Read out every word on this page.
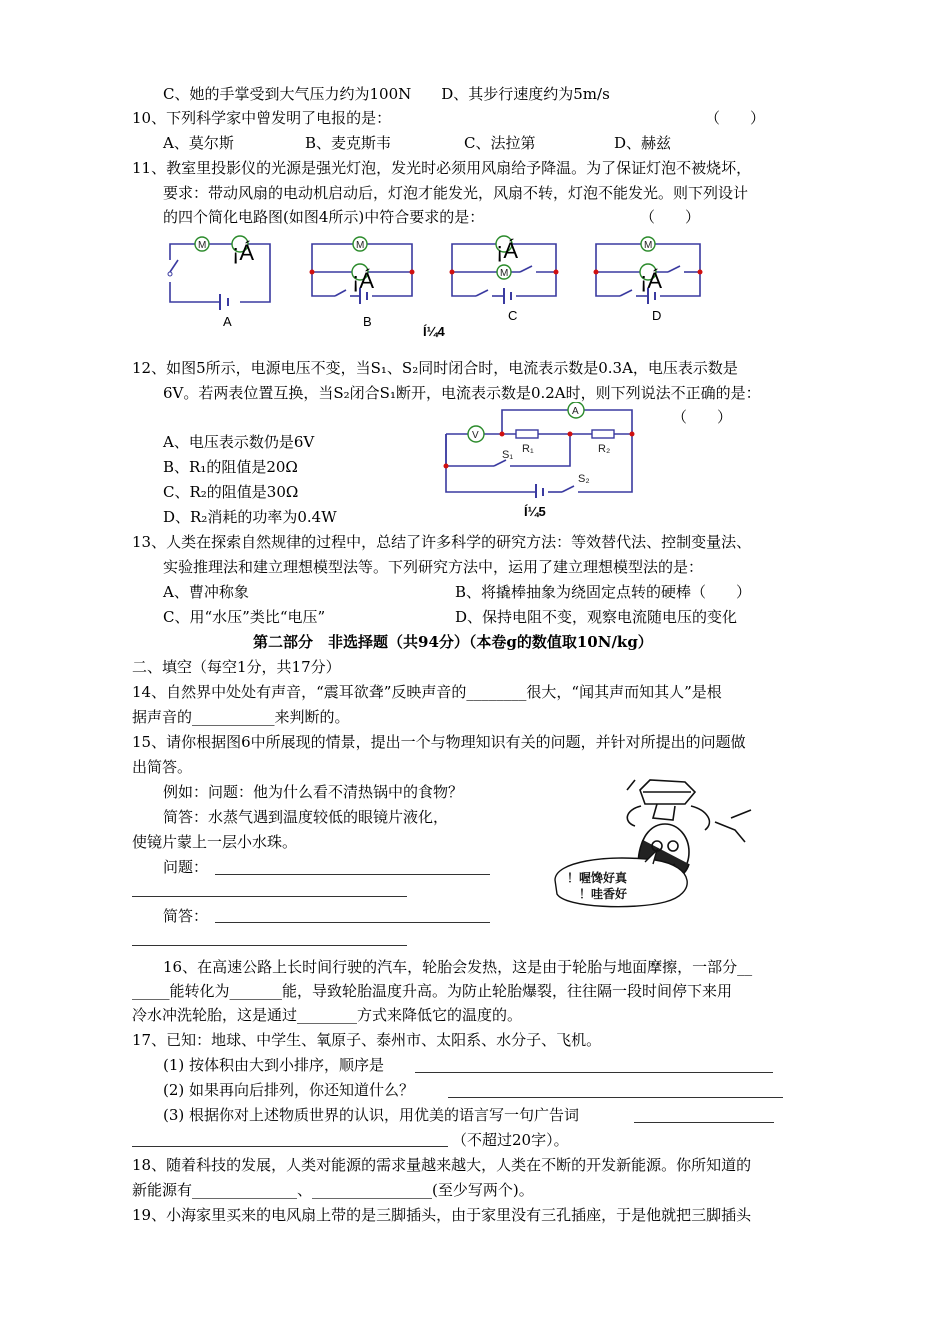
C、她的手掌受到大气压力约为100N　　D、其步行速度约为5m/s
10、下列科学家中曾发明了电报的是：	（　　）
A、莫尔斯	B、麦克斯韦	C、法拉第	D、赫兹
11、教室里投影仪的光源是强光灯泡，发光时必须用风扇给予降温。为了保证灯泡不被烧坏，
要求：带动风扇的电动机启动后，灯泡才能发光，风扇不转，灯泡不能发光。则下列设计
的四个简化电路图(如图4所示)中符合要求的是：	（　　）
M ¡Á	M
¡Á
¡Á
M
M
¡Á
A	B	C	D
Í¼4
12、如图5所示，电源电压不变，当S₁、S₂同时闭合时，电流表示数是0.3A，电压表示数是
6V。若两表位置互换，当S₂闭合S₁断开，电流表示数是0.2A时，则下列说法不正确的是：
（　　）
A、电压表示数仍是6V
B、R₁的阻值是20Ω
C、R₂的阻值是30Ω
D、R₂消耗的功率为0.4W
A
V
R₁	R₂
S₁
S₂
Í¼5
13、人类在探索自然规律的过程中，总结了许多科学的研究方法：等效替代法、控制变量法、
实验推理法和建立理想模型法等。下列研究方法中，运用了建立理想模型法的是：
A、曹冲称象	B、将撬棒抽象为绕固定点转的硬棒（　　）
C、用“水压”类比“电压”	D、保持电阻不变，观察电流随电压的变化
第二部分　非选择题（共94分）（本卷g的数值取10N/kg）
二、填空（每空1分，共17分）
14、自然界中处处有声音，“震耳欲聋”反映声音的________很大，“闻其声而知其人”是根
据声音的___________来判断的。
15、请你根据图6中所展现的情景，提出一个与物理知识有关的问题，并针对所提出的问题做
出简答。
例如：问题：他为什么看不清热锅中的食物？
简答：水蒸气遇到温度较低的眼镜片液化，
使镜片蒙上一层小水珠。
问题：
简答：
！喔馋好真
！哇香好
16、在高速公路上长时间行驶的汽车，轮胎会发热，这是由于轮胎与地面摩擦，一部分__
_____能转化为_______能，导致轮胎温度升高。为防止轮胎爆裂，往往隔一段时间停下来用
冷水冲洗轮胎，这是通过________方式来降低它的温度的。
17、已知：地球、中学生、氧原子、泰州市、太阳系、水分子、飞机。
(1) 按体积由大到小排序，顺序是
(2) 如果再向后排列，你还知道什么？
(3) 根据你对上述物质世界的认识，用优美的语言写一句广告词
（不超过20字）。
18、随着科技的发展，人类对能源的需求量越来越大，人类在不断的开发新能源。你所知道的
新能源有______________、________________(至少写两个)。
19、小海家里买来的电风扇上带的是三脚插头，由于家里没有三孔插座，于是他就把三脚插头
